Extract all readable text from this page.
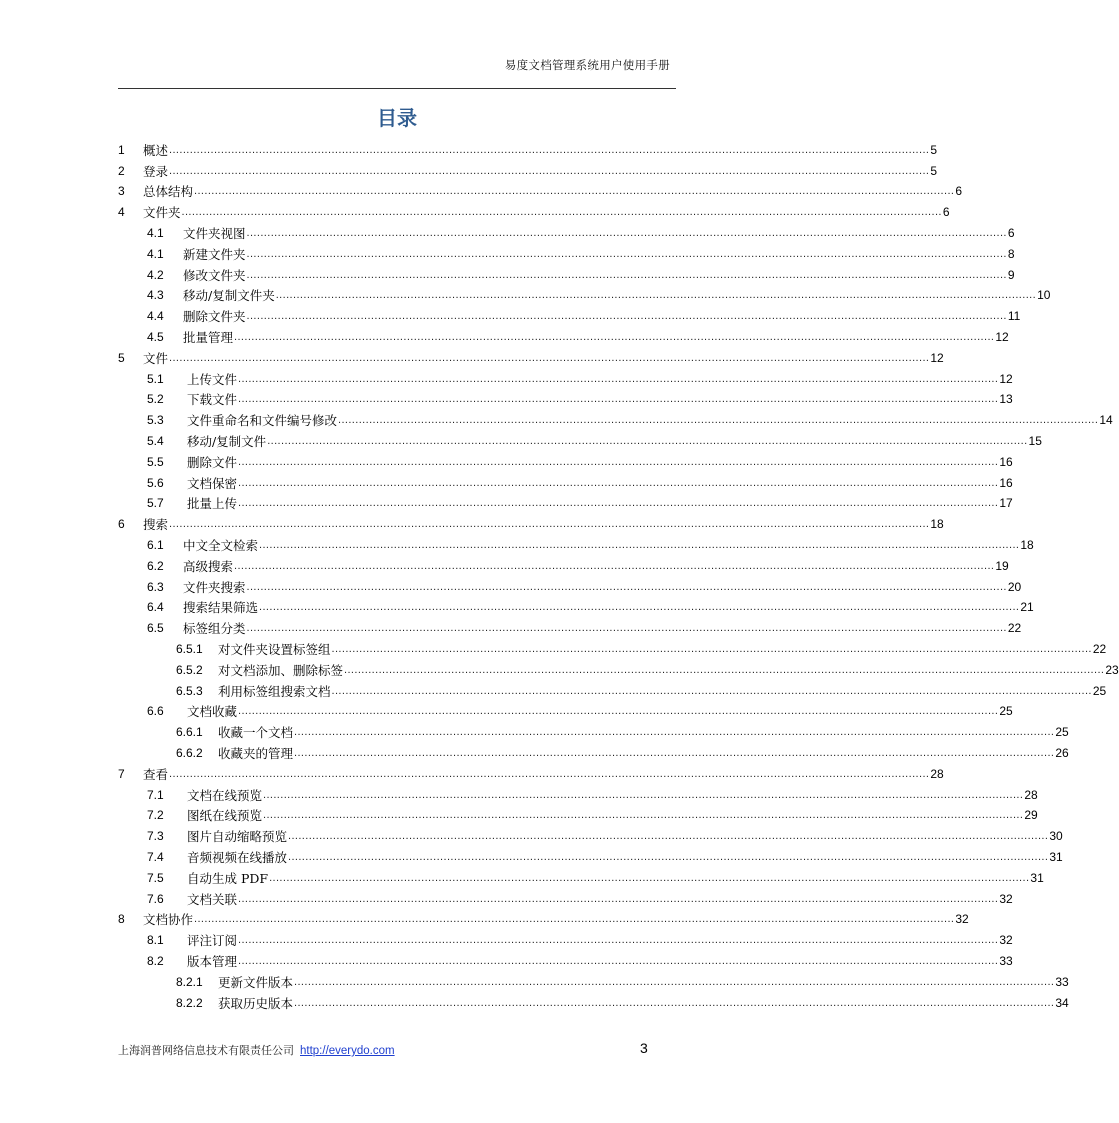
易度文档管理系统用户使用手册
目录
1	概述 ............................................................................................................................................................................................................................ 5
2	登录 ............................................................................................................................................................................................................................ 5
3	总体结构 ............................................................................................................................................................................................................................ 6
4	文件夹 ............................................................................................................................................................................................................................ 6
4.1	文件夹视图 ............................................................................................................................................................................................................................ 6
4.1	新建文件夹 ............................................................................................................................................................................................................................ 8
4.2	修改文件夹 ............................................................................................................................................................................................................................ 9
4.3	移动/复制文件夹 ............................................................................................................................................................................................................................ 10
4.4	删除文件夹 ............................................................................................................................................................................................................................ 11
4.5	批量管理 ............................................................................................................................................................................................................................ 12
5	文件 ............................................................................................................................................................................................................................ 12
5.1	上传文件 ............................................................................................................................................................................................................................ 12
5.2	下载文件 ............................................................................................................................................................................................................................ 13
5.3	文件重命名和文件编号修改 ............................................................................................................................................................................................................................ 14
5.4	移动/复制文件 ............................................................................................................................................................................................................................ 15
5.5	删除文件 ............................................................................................................................................................................................................................ 16
5.6	文档保密 ............................................................................................................................................................................................................................ 16
5.7	批量上传 ............................................................................................................................................................................................................................ 17
6	搜索 ............................................................................................................................................................................................................................ 18
6.1	中文全文检索 ............................................................................................................................................................................................................................ 18
6.2	高级搜索 ............................................................................................................................................................................................................................ 19
6.3	文件夹搜索 ............................................................................................................................................................................................................................ 20
6.4	搜索结果筛选 ............................................................................................................................................................................................................................ 21
6.5	标签组分类 ............................................................................................................................................................................................................................ 22
6.5.1	对文件夹设置标签组 ............................................................................................................................................................................................................................ 22
6.5.2	对文档添加、删除标签 ............................................................................................................................................................................................................................ 23
6.5.3	利用标签组搜索文档 ............................................................................................................................................................................................................................ 25
6.6	文档收藏 ............................................................................................................................................................................................................................ 25
6.6.1	收藏一个文档 ............................................................................................................................................................................................................................ 25
6.6.2	收藏夹的管理 ............................................................................................................................................................................................................................ 26
7	查看 ............................................................................................................................................................................................................................ 28
7.1	文档在线预览 ............................................................................................................................................................................................................................ 28
7.2	图纸在线预览 ............................................................................................................................................................................................................................ 29
7.3	图片自动缩略预览 ............................................................................................................................................................................................................................ 30
7.4	音频视频在线播放 ............................................................................................................................................................................................................................ 31
7.5	自动生成 PDF ............................................................................................................................................................................................................................ 31
7.6	文档关联 ............................................................................................................................................................................................................................ 32
8	文档协作 ............................................................................................................................................................................................................................ 32
8.1	评注订阅 ............................................................................................................................................................................................................................ 32
8.2	版本管理 ............................................................................................................................................................................................................................ 33
8.2.1	更新文件版本 ............................................................................................................................................................................................................................ 33
8.2.2	获取历史版本 ............................................................................................................................................................................................................................ 34
上海润普网络信息技术有限责任公司 http://everydo.com	3
